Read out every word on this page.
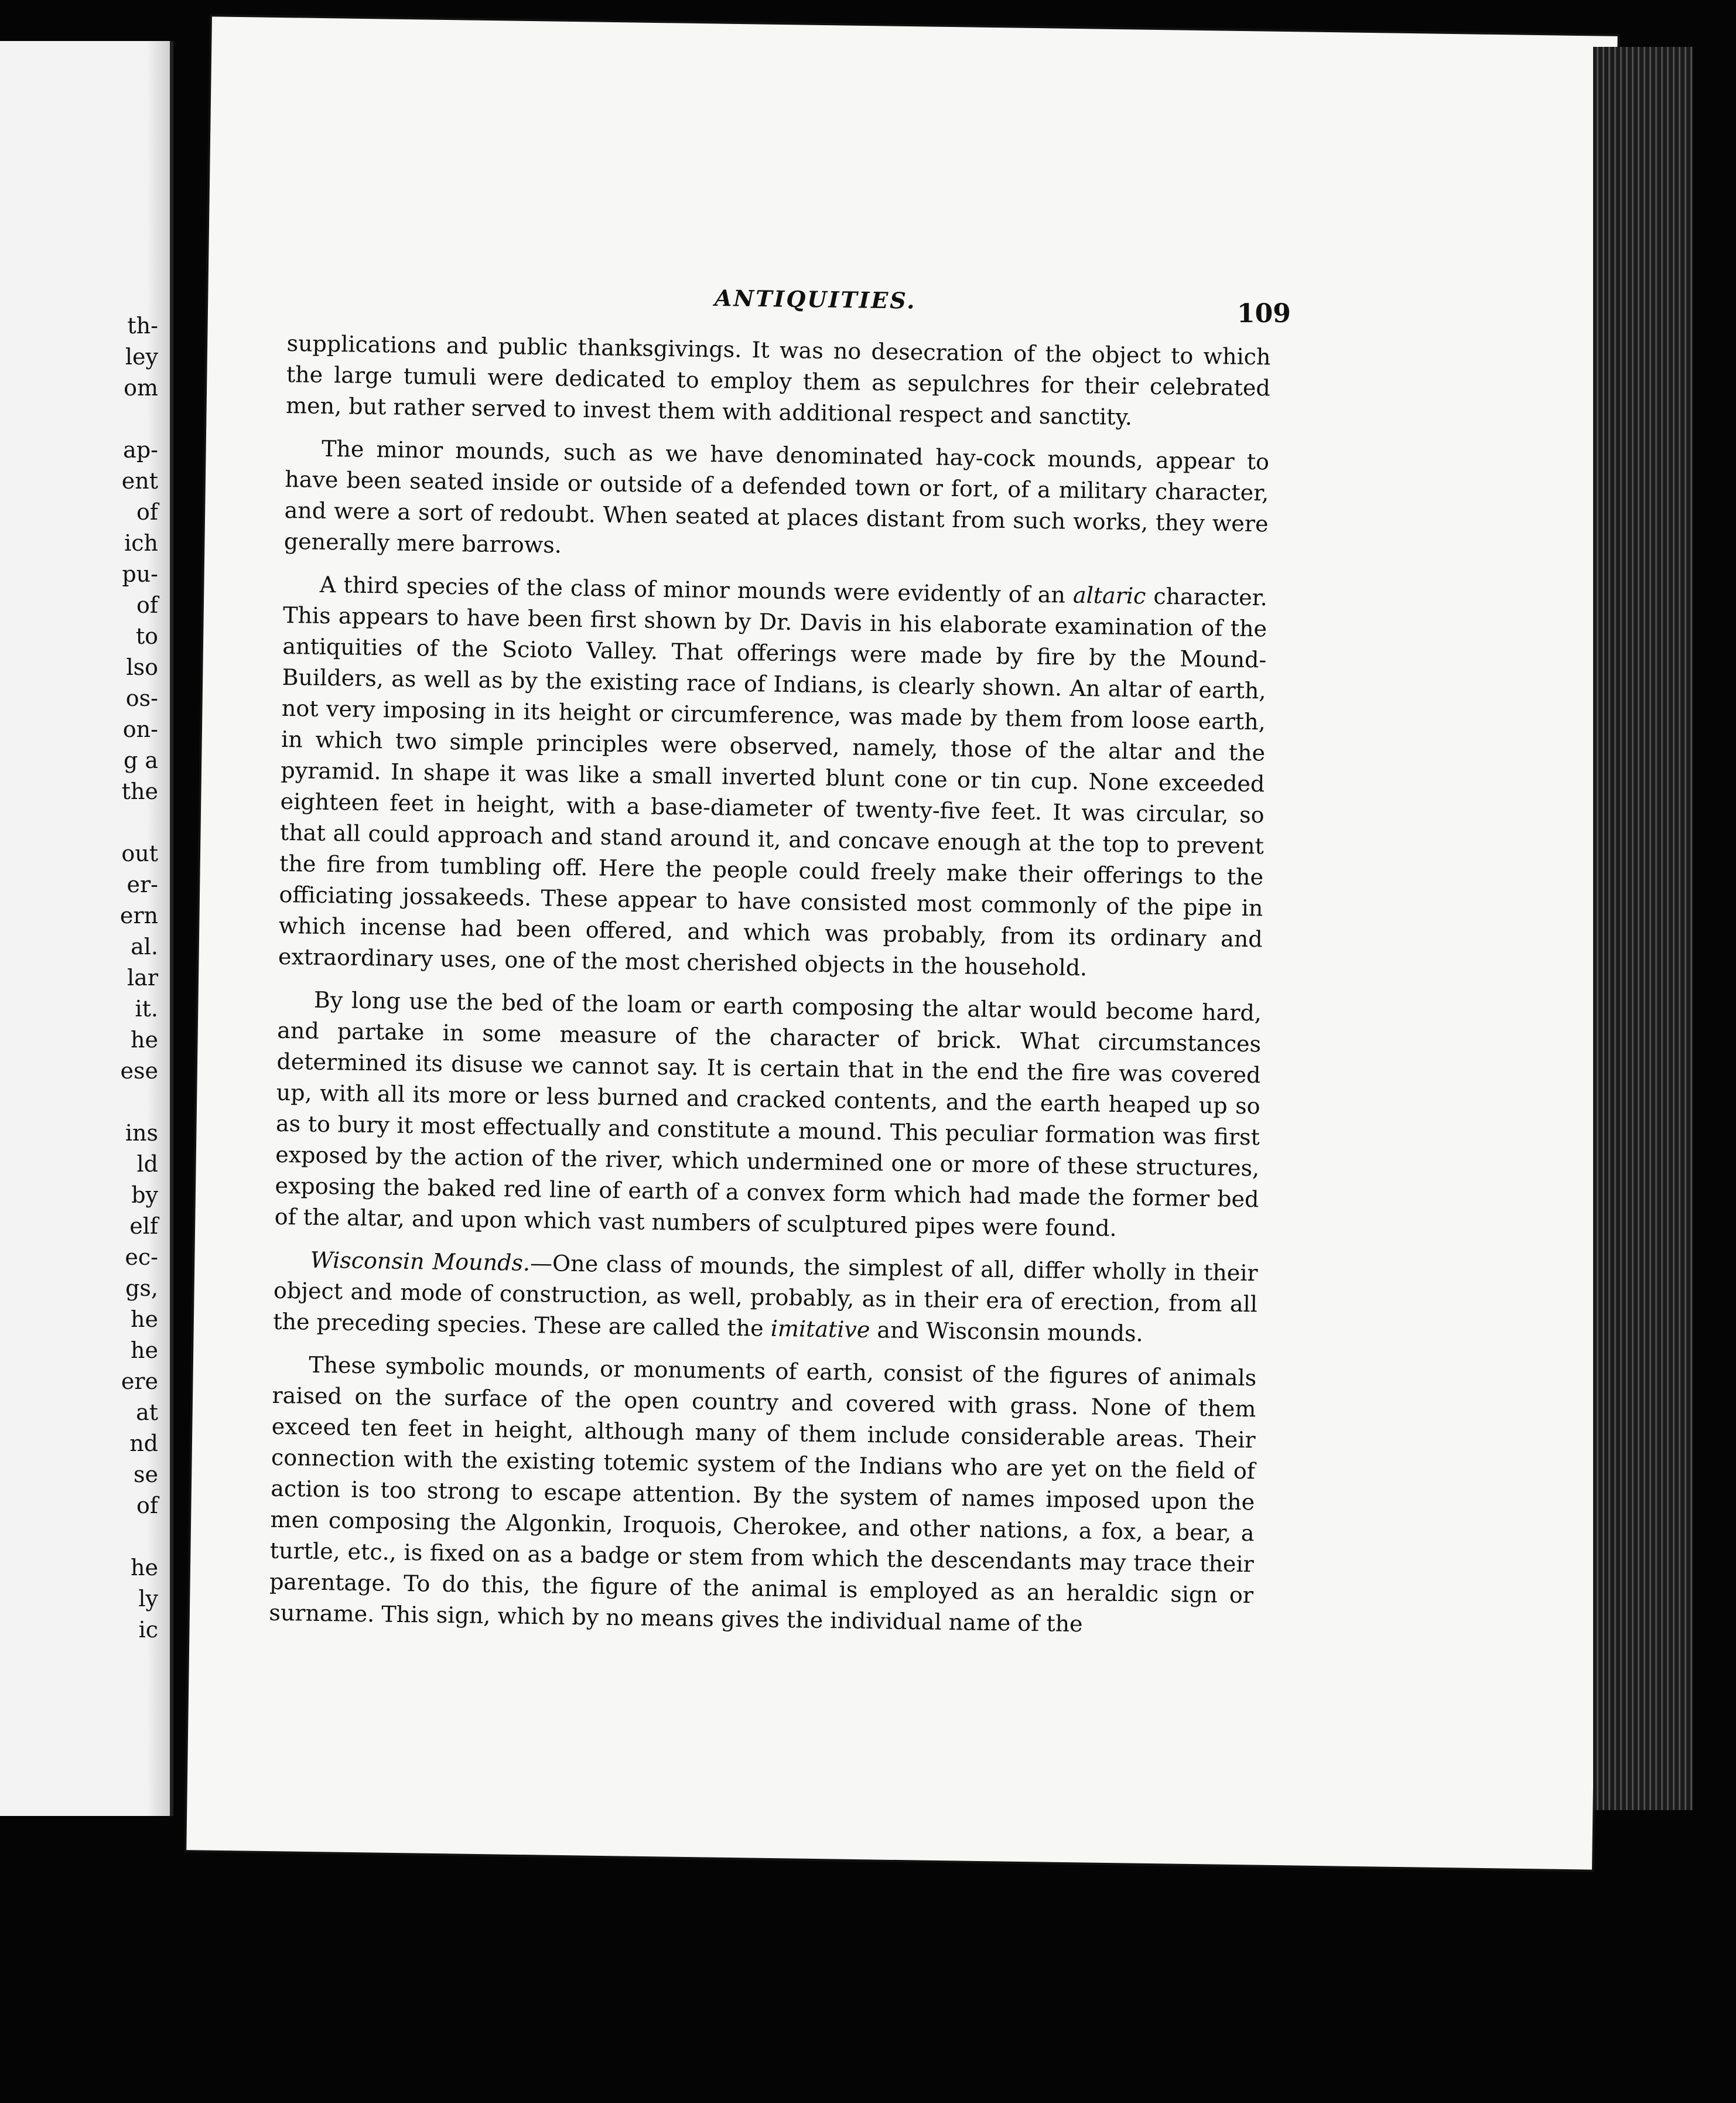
th-
ley
om
ap-
ent
of
ich
pu-
of
to
lso
os-
on-
g a
the
out
er-
ern
al.
lar
it.
he
ese
ins
ld
by
elf
ec-
gs,
he
he
ere
at
nd
se
of
he
ly
ic
ANTIQUITIES.	109

supplications and public thanksgivings. It was no desecration of the object to which the large tumuli were dedicated to employ them as sepulchres for their celebrated men, but rather served to invest them with additional respect and sanctity.

The minor mounds, such as we have denominated hay-cock mounds, appear to have been seated inside or outside of a defended town or fort, of a military character, and were a sort of redoubt. When seated at places distant from such works, they were generally mere barrows.

A third species of the class of minor mounds were evidently of an altaric character. This appears to have been first shown by Dr. Davis in his elaborate examination of the antiquities of the Scioto Valley. That offerings were made by fire by the Mound-Builders, as well as by the existing race of Indians, is clearly shown. An altar of earth, not very imposing in its height or circumference, was made by them from loose earth, in which two simple principles were observed, namely, those of the altar and the pyramid. In shape it was like a small inverted blunt cone or tin cup. None exceeded eighteen feet in height, with a base-diameter of twenty-five feet. It was circular, so that all could approach and stand around it, and concave enough at the top to prevent the fire from tumbling off. Here the people could freely make their offerings to the officiating jossakeeds. These appear to have consisted most commonly of the pipe in which incense had been offered, and which was probably, from its ordinary and extraordinary uses, one of the most cherished objects in the household.

By long use the bed of the loam or earth composing the altar would become hard, and partake in some measure of the character of brick. What circumstances determined its disuse we cannot say. It is certain that in the end the fire was covered up, with all its more or less burned and cracked contents, and the earth heaped up so as to bury it most effectually and constitute a mound. This peculiar formation was first exposed by the action of the river, which undermined one or more of these structures, exposing the baked red line of earth of a convex form which had made the former bed of the altar, and upon which vast numbers of sculptured pipes were found.

Wisconsin Mounds.—One class of mounds, the simplest of all, differ wholly in their object and mode of construction, as well, probably, as in their era of erection, from all the preceding species. These are called the imitative and Wisconsin mounds.

These symbolic mounds, or monuments of earth, consist of the figures of animals raised on the surface of the open country and covered with grass. None of them exceed ten feet in height, although many of them include considerable areas. Their connection with the existing totemic system of the Indians who are yet on the field of action is too strong to escape attention. By the system of names imposed upon the men composing the Algonkin, Iroquois, Cherokee, and other nations, a fox, a bear, a turtle, etc., is fixed on as a badge or stem from which the descendants may trace their parentage. To do this, the figure of the animal is employed as an heraldic sign or surname. This sign, which by no means gives the individual name of the
